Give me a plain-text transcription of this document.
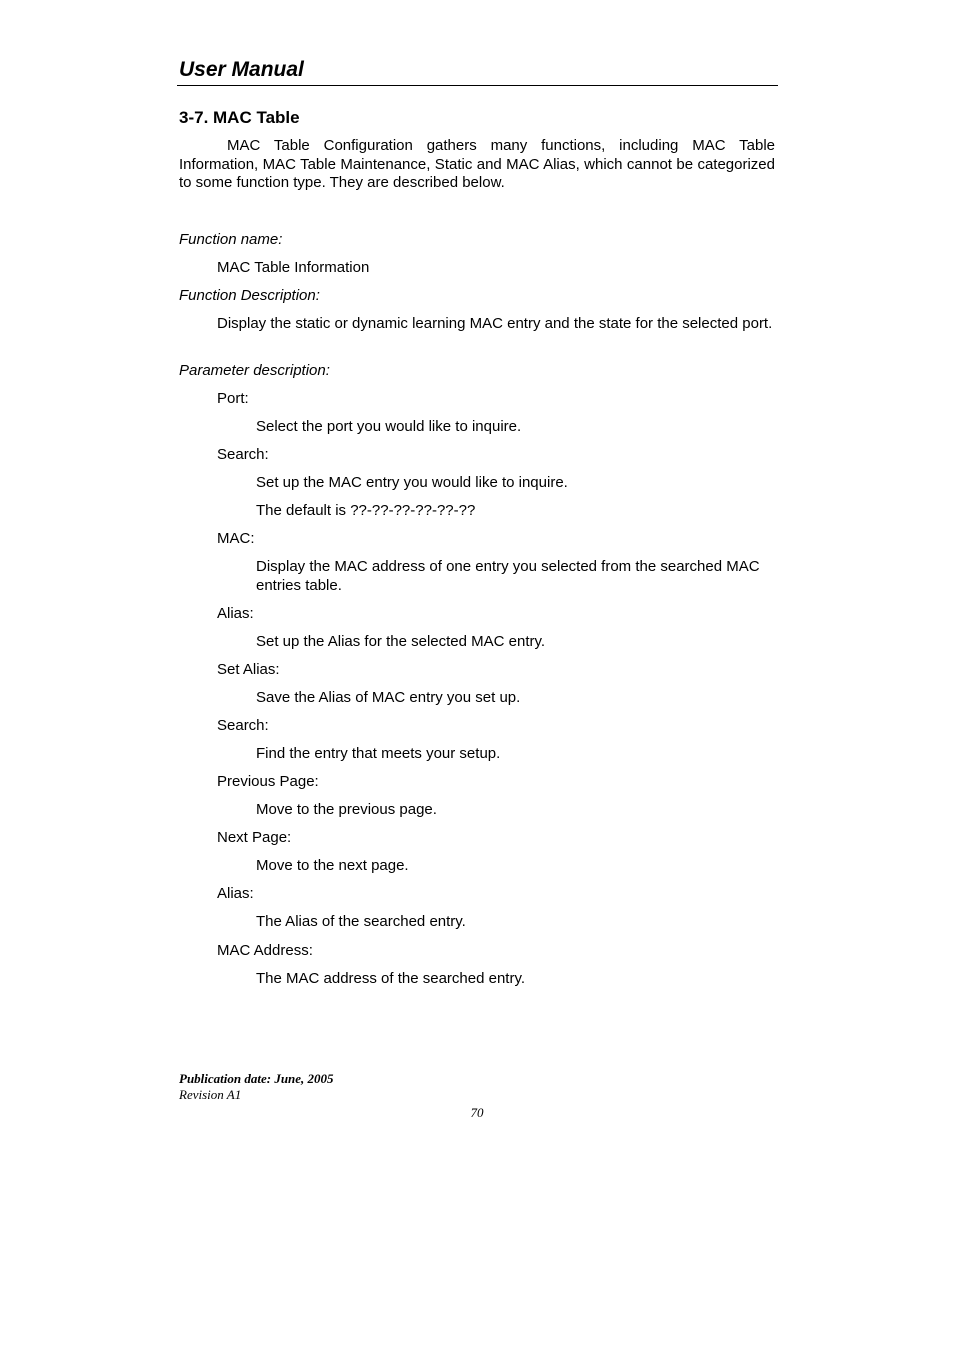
User Manual
3-7. MAC Table

MAC Table Configuration gathers many functions, including MAC Table Information, MAC Table Maintenance, Static and MAC Alias, which cannot be categorized to some function type. They are described below.

Function name:
MAC Table Information
Function Description:
Display the static or dynamic learning MAC entry and the state for the selected port.
Parameter description:
Port:
Select the port you would like to inquire.
Search:
Set up the MAC entry you would like to inquire.
The default is ??-??-??-??-??-??
MAC:
Display the MAC address of one entry you selected from the searched MAC entries table.
Alias:
Set up the Alias for the selected MAC entry.
Set Alias:
Save the Alias of MAC entry you set up.
Search:
Find the entry that meets your setup.
Previous Page:
Move to the previous page.
Next Page:
Move to the next page.
Alias:
The Alias of the searched entry.
MAC Address:
The MAC address of the searched entry.
Publication date: June, 2005
Revision A1
70
